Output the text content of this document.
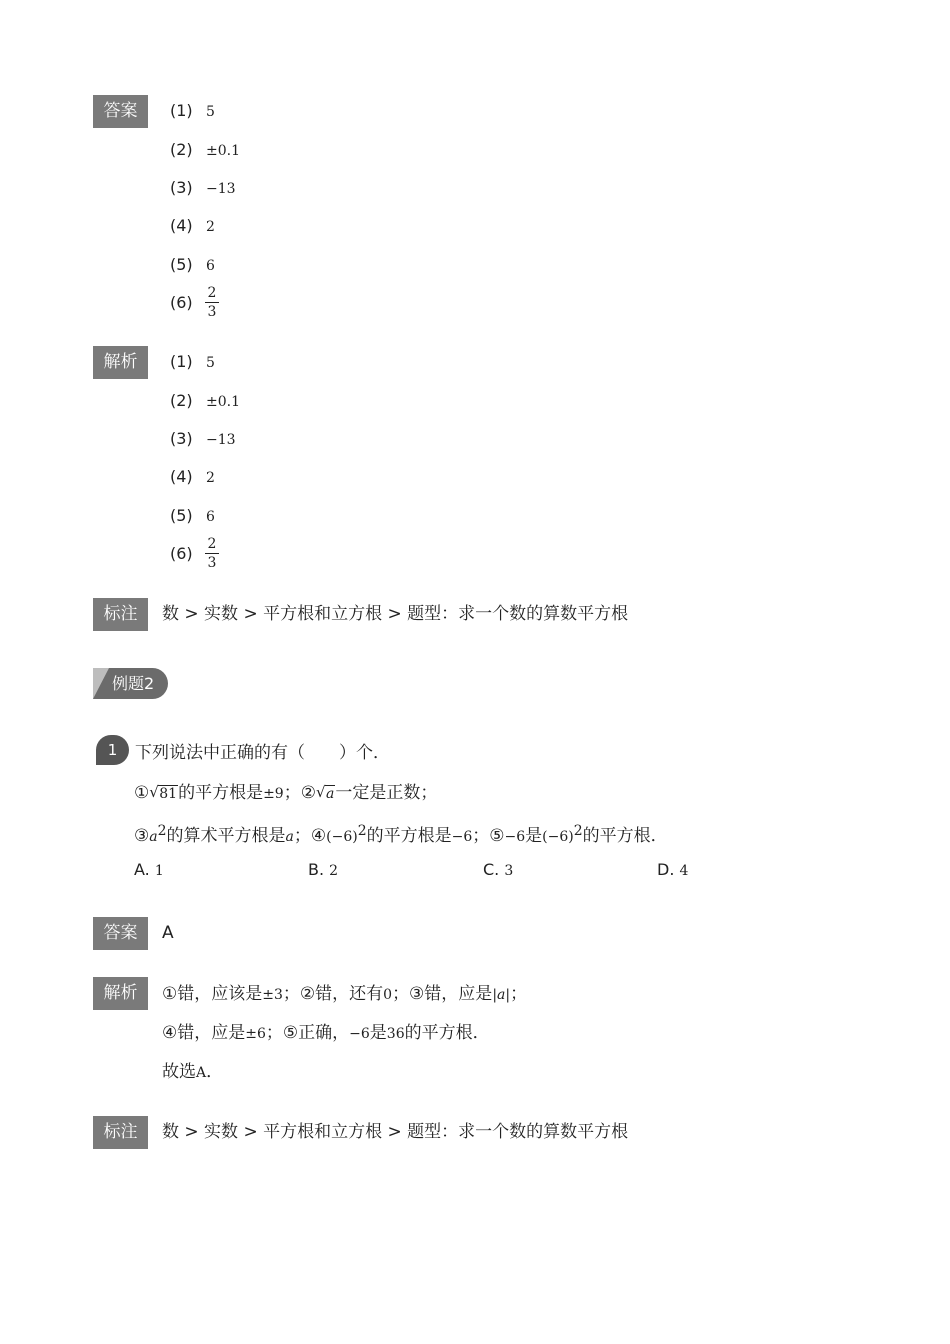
答案	(1) 5
(2) ±0.1
(3) −13
(4) 2
(5) 6
(6)	2
3
解析	(1) 5
(2) ±0.1
(3) −13
(4) 2
(5) 6
(6)	2
3
标注	数 > 实数 > 平方根和立方根 > 题型：求一个数的算数平方根
例题2
1	下列说法中正确的有（　　）个．
① √ 81的平方根是±9；② √ a一定是正数；
$③a^2$的算术平方根是a；$④(-6)^2$的平方根是−6；⑤−6是$(-6)^2$的平方根．
A. 1	B. 2	C. 3	D. 4
答案	A
解析	①错，应该是±3；②错，还有0；③错，应是|a|；
④错，应是±6；⑤正确，−6是36的平方根．
故选A．
标注	数 > 实数 > 平方根和立方根 > 题型：求一个数的算数平方根
